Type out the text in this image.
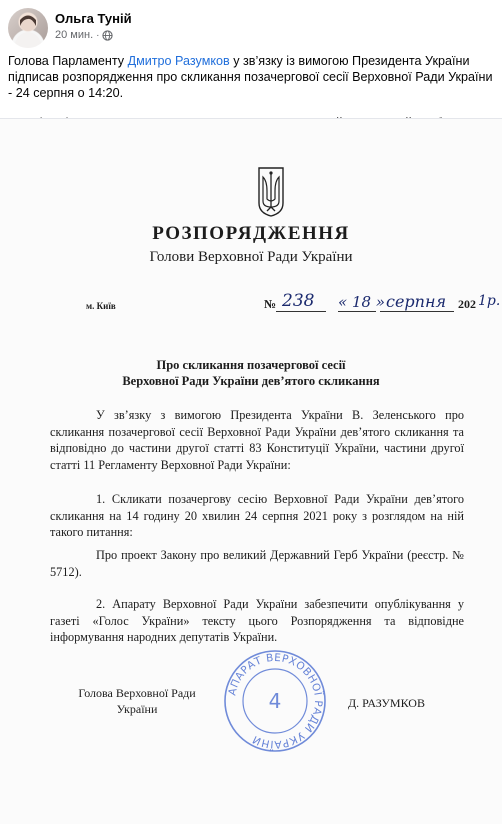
Ольга Туній
20 мин. ·

Голова Парламенту Дмитро Разумков у зв’язку із вимогою Президента України підписав розпорядження про скликання позачергової сесії Верховної Ради України - 24 серпня о 14:20.

РОЗПОРЯДЖЕННЯ
Голови Верховної Ради України
м. Київ	№ 238 « 18 » серпня 202 1р.
Про скликання позачергової сесії
Верховної Ради України дев’ятого скликання
У зв’язку з вимогою Президента України В. Зеленського про скликання позачергової сесії Верховної Ради України дев’ятого скликання та відповідно до частини другої статті 83 Конституції України, частини другої статті 11 Регламенту Верховної Ради України:
1. Скликати позачергову сесію Верховної Ради України дев’ятого скликання на 14 годину 20 хвилин 24 серпня 2021 року з розглядом на ній такого питання:
Про проект Закону про великий Державний Герб України (реєстр. № 5712).
2. Апарату Верховної Ради України забезпечити опублікування у газеті «Голос України» тексту цього Розпорядження та відповідне інформування народних депутатів України.
Голова Верховної Ради України	Д. РАЗУМКОВ
АПАРАТ ВЕРХОВНОЇ РАДИ УКРАЇНИ
4
